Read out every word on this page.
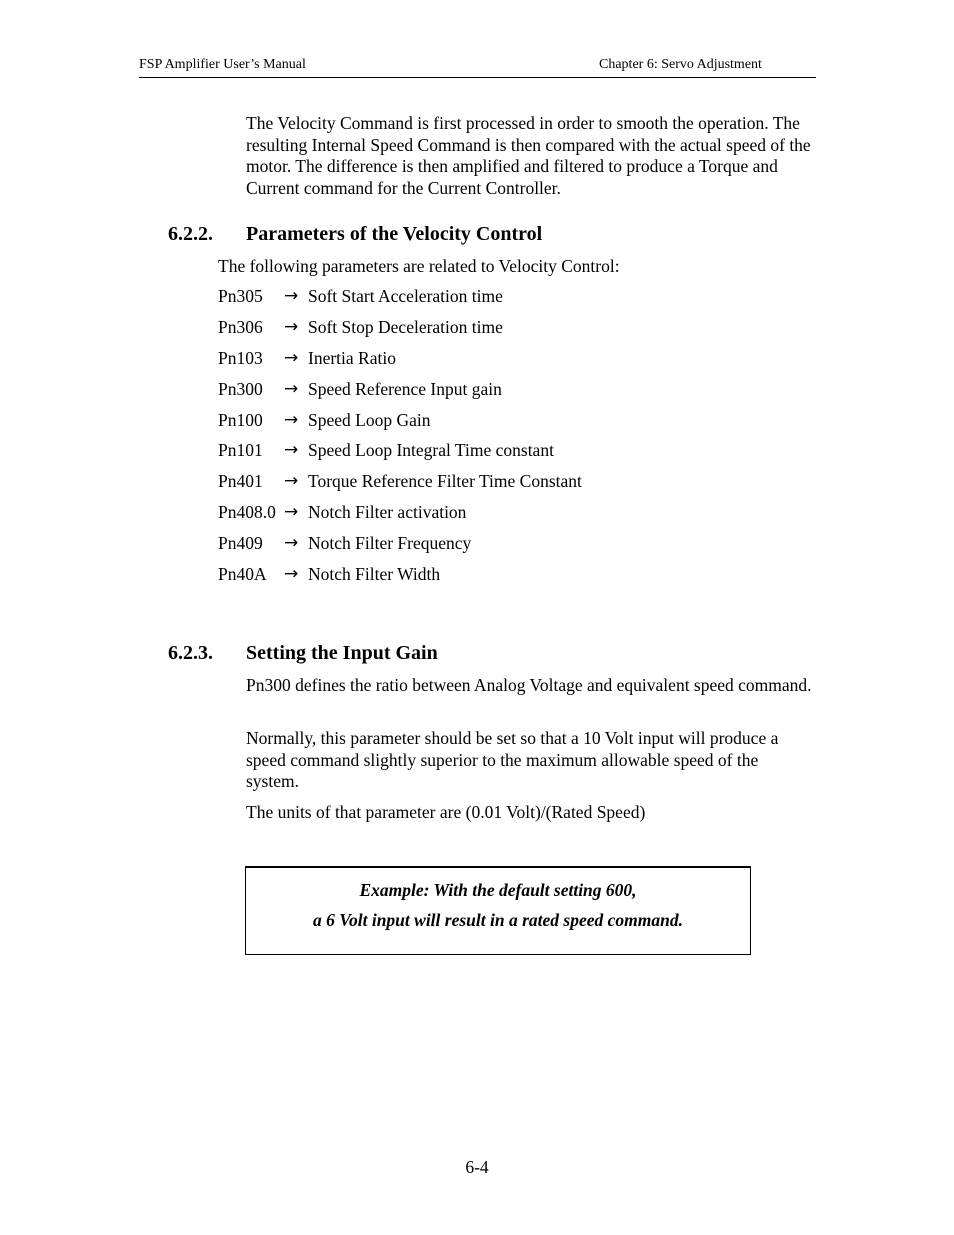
FSP Amplifier User’s Manual	Chapter 6: Servo Adjustment
The Velocity Command is first processed in order to smooth the operation. The resulting Internal Speed Command is then compared with the actual speed of the motor. The difference is then amplified and filtered to produce a Torque and Current command for the Current Controller.
6.2.2. Parameters of the Velocity Control
The following parameters are related to Velocity Control:
Pn305 → Soft Start Acceleration time
Pn306 → Soft Stop Deceleration time
Pn103 → Inertia Ratio
Pn300 → Speed Reference Input gain
Pn100 → Speed Loop Gain
Pn101 → Speed Loop Integral Time constant
Pn401 → Torque Reference Filter Time Constant
Pn408.0 → Notch Filter activation
Pn409 → Notch Filter Frequency
Pn40A → Notch Filter Width
6.2.3. Setting the Input Gain
Pn300 defines the ratio between Analog Voltage and equivalent speed command.
Normally, this parameter should be set so that a 10 Volt input will produce a speed command slightly superior to the maximum allowable speed of the system.
The units of that parameter are (0.01 Volt)/(Rated Speed)
Example: With the default setting 600,
a 6 Volt input will result in a rated speed command.
6-4
